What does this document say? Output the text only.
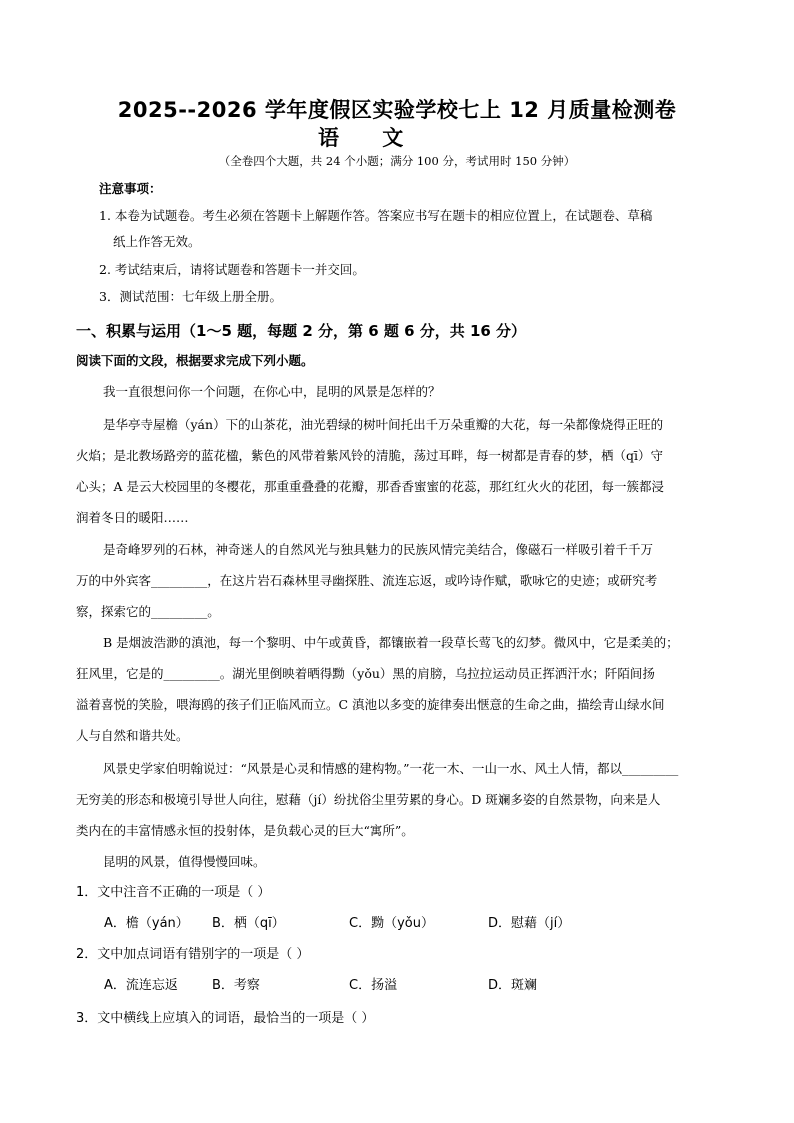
2025--2026 学年度假区实验学校七上 12 月质量检测卷
语 文
（全卷四个大题，共 24 个小题；满分 100 分，考试用时 150 分钟）
注意事项：
1. 本卷为试题卷。考生必须在答题卡上解题作答。答案应书写在题卡的相应位置上，在试题卷、草稿
纸上作答无效。
2. 考试结束后，请将试题卷和答题卡一并交回。
3．测试范围：七年级上册全册。
一、积累与运用（1～5 题，每题 2 分，第 6 题 6 分，共 16 分）
阅读下面的文段，根据要求完成下列小题。
我一直很想问你一个问题，在你心中，昆明的风景是怎样的？
是华亭寺屋檐（yán）下的山茶花，油光碧绿的树叶间托出千万朵重瓣的大花，每一朵都像烧得正旺的
火焰；是北教场路旁的蓝花楹，紫色的风带着紫风铃的清脆，荡过耳畔，每一树都是青春的梦，栖（qī）守
心头；A 是云大校园里的冬樱花，那重重叠叠的花瓣，那香香蜜蜜的花蕊，那红红火火的花团，每一簇都浸
润着冬日的暖阳……
是奇峰罗列的石林，神奇迷人的自然风光与独具魅力的民族风情完美结合，像磁石一样吸引着千千万
万的中外宾客_________，在这片岩石森林里寻幽探胜、流连忘返，或吟诗作赋，歌咏它的史迹；或研究考
察，探索它的_________。
B 是烟波浩渺的滇池，每一个黎明、中午或黄昏，都镶嵌着一段草长莺飞的幻梦。微风中，它是柔美的；
狂风里，它是的_________。湖光里倒映着晒得黝（yǒu）黑的肩膀，乌拉拉运动员正挥洒汗水；阡陌间扬
溢着喜悦的笑脸，喂海鸥的孩子们正临风而立。C 滇池以多变的旋律奏出惬意的生命之曲，描绘青山绿水间
人与自然和谐共处。
风景史学家伯明翰说过：“风景是心灵和情感的建构物。”一花一木、一山一水、风土人情，都以_________
无穷美的形态和极境引导世人向往，慰藉（jí）纷扰俗尘里劳累的身心。D 斑斓多姿的自然景物，向来是人
类内在的丰富情感永恒的投射体，是负载心灵的巨大“寓所”。
昆明的风景，值得慢慢回味。
1．文中注音不正确的一项是（ ）
A．檐（yán） B．栖（qī）	C．黝（yǒu）	D．慰藉（jí）
2．文中加点词语有错别字的一项是（ ）
A．流连忘返	B．考察	C．扬溢	D．斑斓
3．文中横线上应填入的词语，最恰当的一项是（ ）
